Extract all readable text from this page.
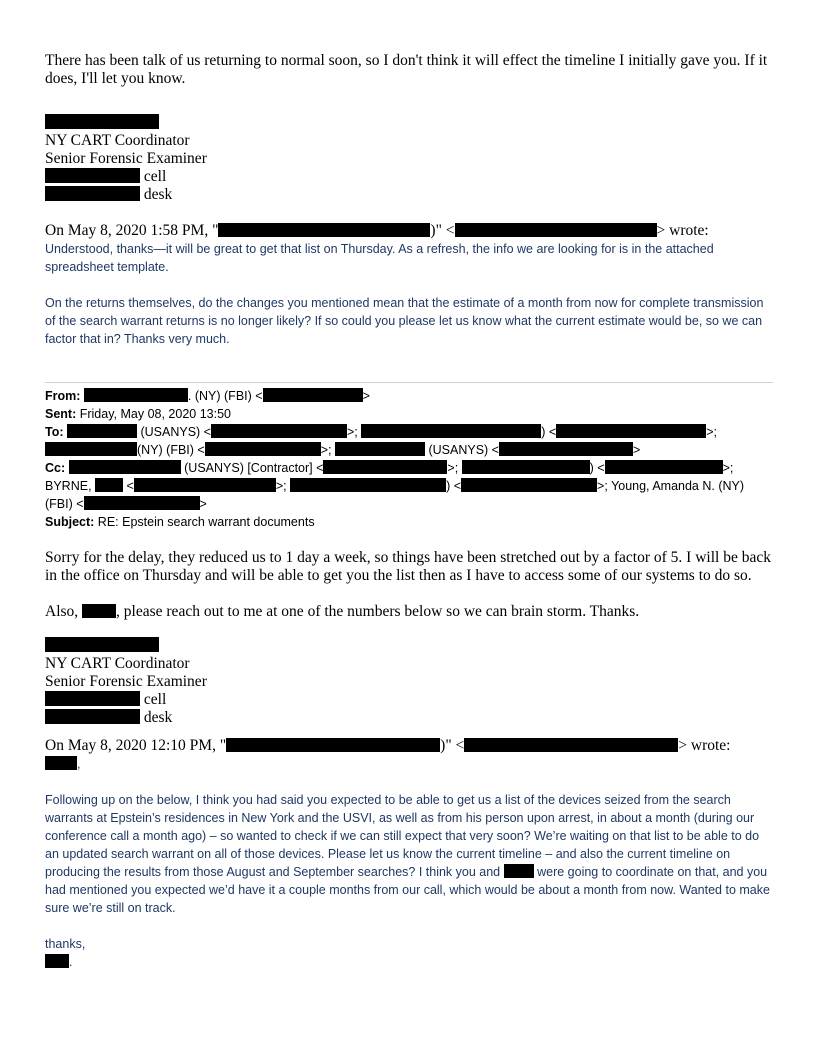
There has been talk of us returning to normal soon, so I don't think it will effect the timeline I initially gave you. If it does, I'll let you know.

NY CART Coordinator
Senior Forensic Examiner
cell
desk
On May 8, 2020 1:58 PM, "	)" <	> wrote:

Understood, thanks—it will be great to get that list on Thursday. As a refresh, the info we are looking for is in the attached spreadsheet template.

On the returns themselves, do the changes you mentioned mean that the estimate of a month from now for complete transmission of the search warrant returns is no longer likely? If so could you please let us know what the current estimate would be, so we can factor that in? Thanks very much.

From:	. (NY) (FBI) <	>
Sent: Friday, May 08, 2020 13:50
To:	(USANYS) <	>;	) <	>;
(NY) (FBI) <	>;	(USANYS) <	>
Cc:	(USANYS) [Contractor] <	>;	) <	>;
BYRNE,	<	>;	) <	>; Young, Amanda N. (NY)
(FBI) <	>
Subject: RE: Epstein search warrant documents

Sorry for the delay, they reduced us to 1 day a week, so things have been stretched out by a factor of 5. I will be back in the office on Thursday and will be able to get you the list then as I have to access some of our systems to do so.

Also, , please reach out to me at one of the numbers below so we can brain storm. Thanks.

NY CART Coordinator
Senior Forensic Examiner
cell
desk
On May 8, 2020 12:10 PM, "	)" <	> wrote:
,

Following up on the below, I think you had said you expected to be able to get us a list of the devices seized from the search warrants at Epstein’s residences in New York and the USVI, as well as from his person upon arrest, in about a month (during our conference call a month ago) – so wanted to check if we can still expect that very soon? We’re waiting on that list to be able to do an updated search warrant on all of those devices. Please let us know the current timeline – and also the current timeline on producing the results from those August and September searches? I think you and	were going to coordinate on that, and you had mentioned you expected we’d have it a couple months from our call, which would be about a month from now. Wanted to make sure we’re still on track.

thanks,

.
